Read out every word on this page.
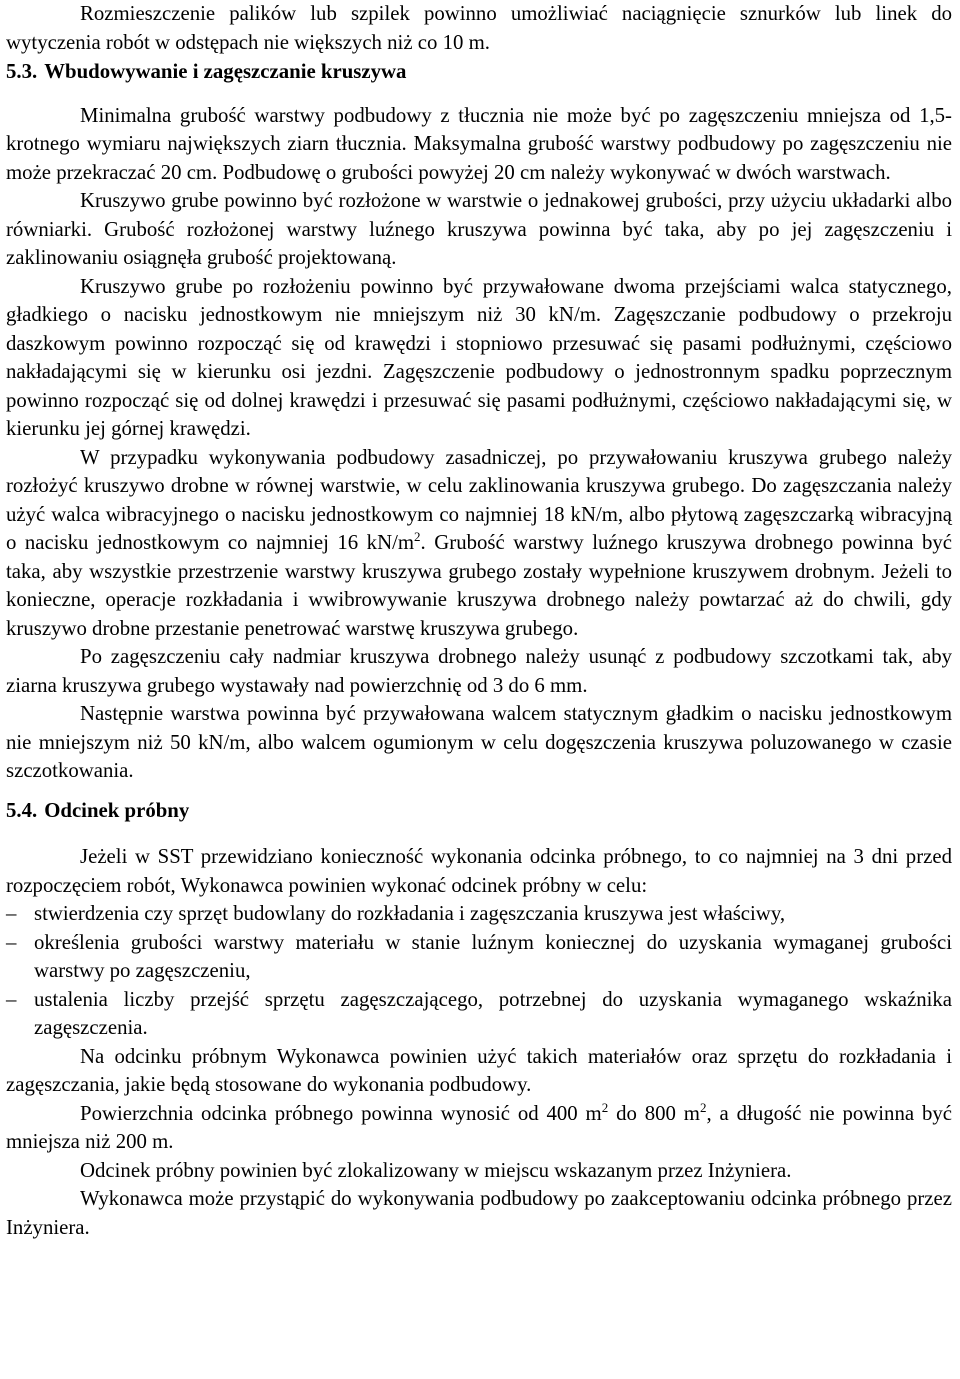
Rozmieszczenie palików lub szpilek powinno umożliwiać naciągnięcie sznurków lub linek do wytyczenia robót w odstępach nie większych niż co 10 m.

5.3. Wbudowywanie i zagęszczanie kruszywa

Minimalna grubość warstwy podbudowy z tłucznia nie może być po zagęszczeniu mniejsza od 1,5-krotnego wymiaru największych ziarn tłucznia. Maksymalna grubość warstwy podbudowy po zagęszczeniu nie może przekraczać 20 cm. Podbudowę o grubości powyżej 20 cm należy wykonywać w dwóch warstwach.

Kruszywo grube powinno być rozłożone w warstwie o jednakowej grubości, przy użyciu układarki albo równiarki. Grubość rozłożonej warstwy luźnego kruszywa powinna być taka, aby po jej zagęszczeniu i zaklinowaniu osiągnęła grubość projektowaną.

Kruszywo grube po rozłożeniu powinno być przywałowane dwoma przejściami walca statycznego, gładkiego o nacisku jednostkowym nie mniejszym niż 30 kN/m. Zagęszczanie podbudowy o przekroju daszkowym powinno rozpocząć się od krawędzi i stopniowo przesuwać się pasami podłużnymi, częściowo nakładającymi się w kierunku osi jezdni. Zagęszczenie podbudowy o jednostronnym spadku poprzecznym powinno rozpocząć się od dolnej krawędzi i przesuwać się pasami podłużnymi, częściowo nakładającymi się, w kierunku jej górnej krawędzi.

W przypadku wykonywania podbudowy zasadniczej, po przywałowaniu kruszywa grubego należy rozłożyć kruszywo drobne w równej warstwie, w celu zaklinowania kruszywa grubego. Do zagęszczania należy użyć walca wibracyjnego o nacisku jednostkowym co najmniej 18 kN/m, albo płytową zagęszczarką wibracyjną o nacisku jednostkowym co najmniej 16 $kN/m^2$. Grubość warstwy luźnego kruszywa drobnego powinna być taka, aby wszystkie przestrzenie warstwy kruszywa grubego zostały wypełnione kruszywem drobnym. Jeżeli to konieczne, operacje rozkładania i wwibrowywanie kruszywa drobnego należy powtarzać aż do chwili, gdy kruszywo drobne przestanie penetrować warstwę kruszywa grubego.

Po zagęszczeniu cały nadmiar kruszywa drobnego należy usunąć z podbudowy szczotkami tak, aby ziarna kruszywa grubego wystawały nad powierzchnię od 3 do 6 mm.

Następnie warstwa powinna być przywałowana walcem statycznym gładkim o nacisku jednostkowym nie mniejszym niż 50 kN/m, albo walcem ogumionym w celu dogęszczenia kruszywa poluzowanego w czasie szczotkowania.

5.4. Odcinek próbny

Jeżeli w SST przewidziano konieczność wykonania odcinka próbnego, to co najmniej na 3 dni przed rozpoczęciem robót, Wykonawca powinien wykonać odcinek próbny w celu:

– stwierdzenia czy sprzęt budowlany do rozkładania i zagęszczania kruszywa jest właściwy,
– określenia grubości warstwy materiału w stanie luźnym koniecznej do uzyskania wymaganej grubości warstwy po zagęszczeniu,
– ustalenia liczby przejść sprzętu zagęszczającego, potrzebnej do uzyskania wymaganego wskaźnika zagęszczenia.

Na odcinku próbnym Wykonawca powinien użyć takich materiałów oraz sprzętu do rozkładania i zagęszczania, jakie będą stosowane do wykonania podbudowy.

Powierzchnia odcinka próbnego powinna wynosić od 400 $m^2$ do 800 $m^2$, a długość nie powinna być mniejsza niż 200 m.

Odcinek próbny powinien być zlokalizowany w miejscu wskazanym przez Inżyniera.

Wykonawca może przystąpić do wykonywania podbudowy po zaakceptowaniu odcinka próbnego przez Inżyniera.
